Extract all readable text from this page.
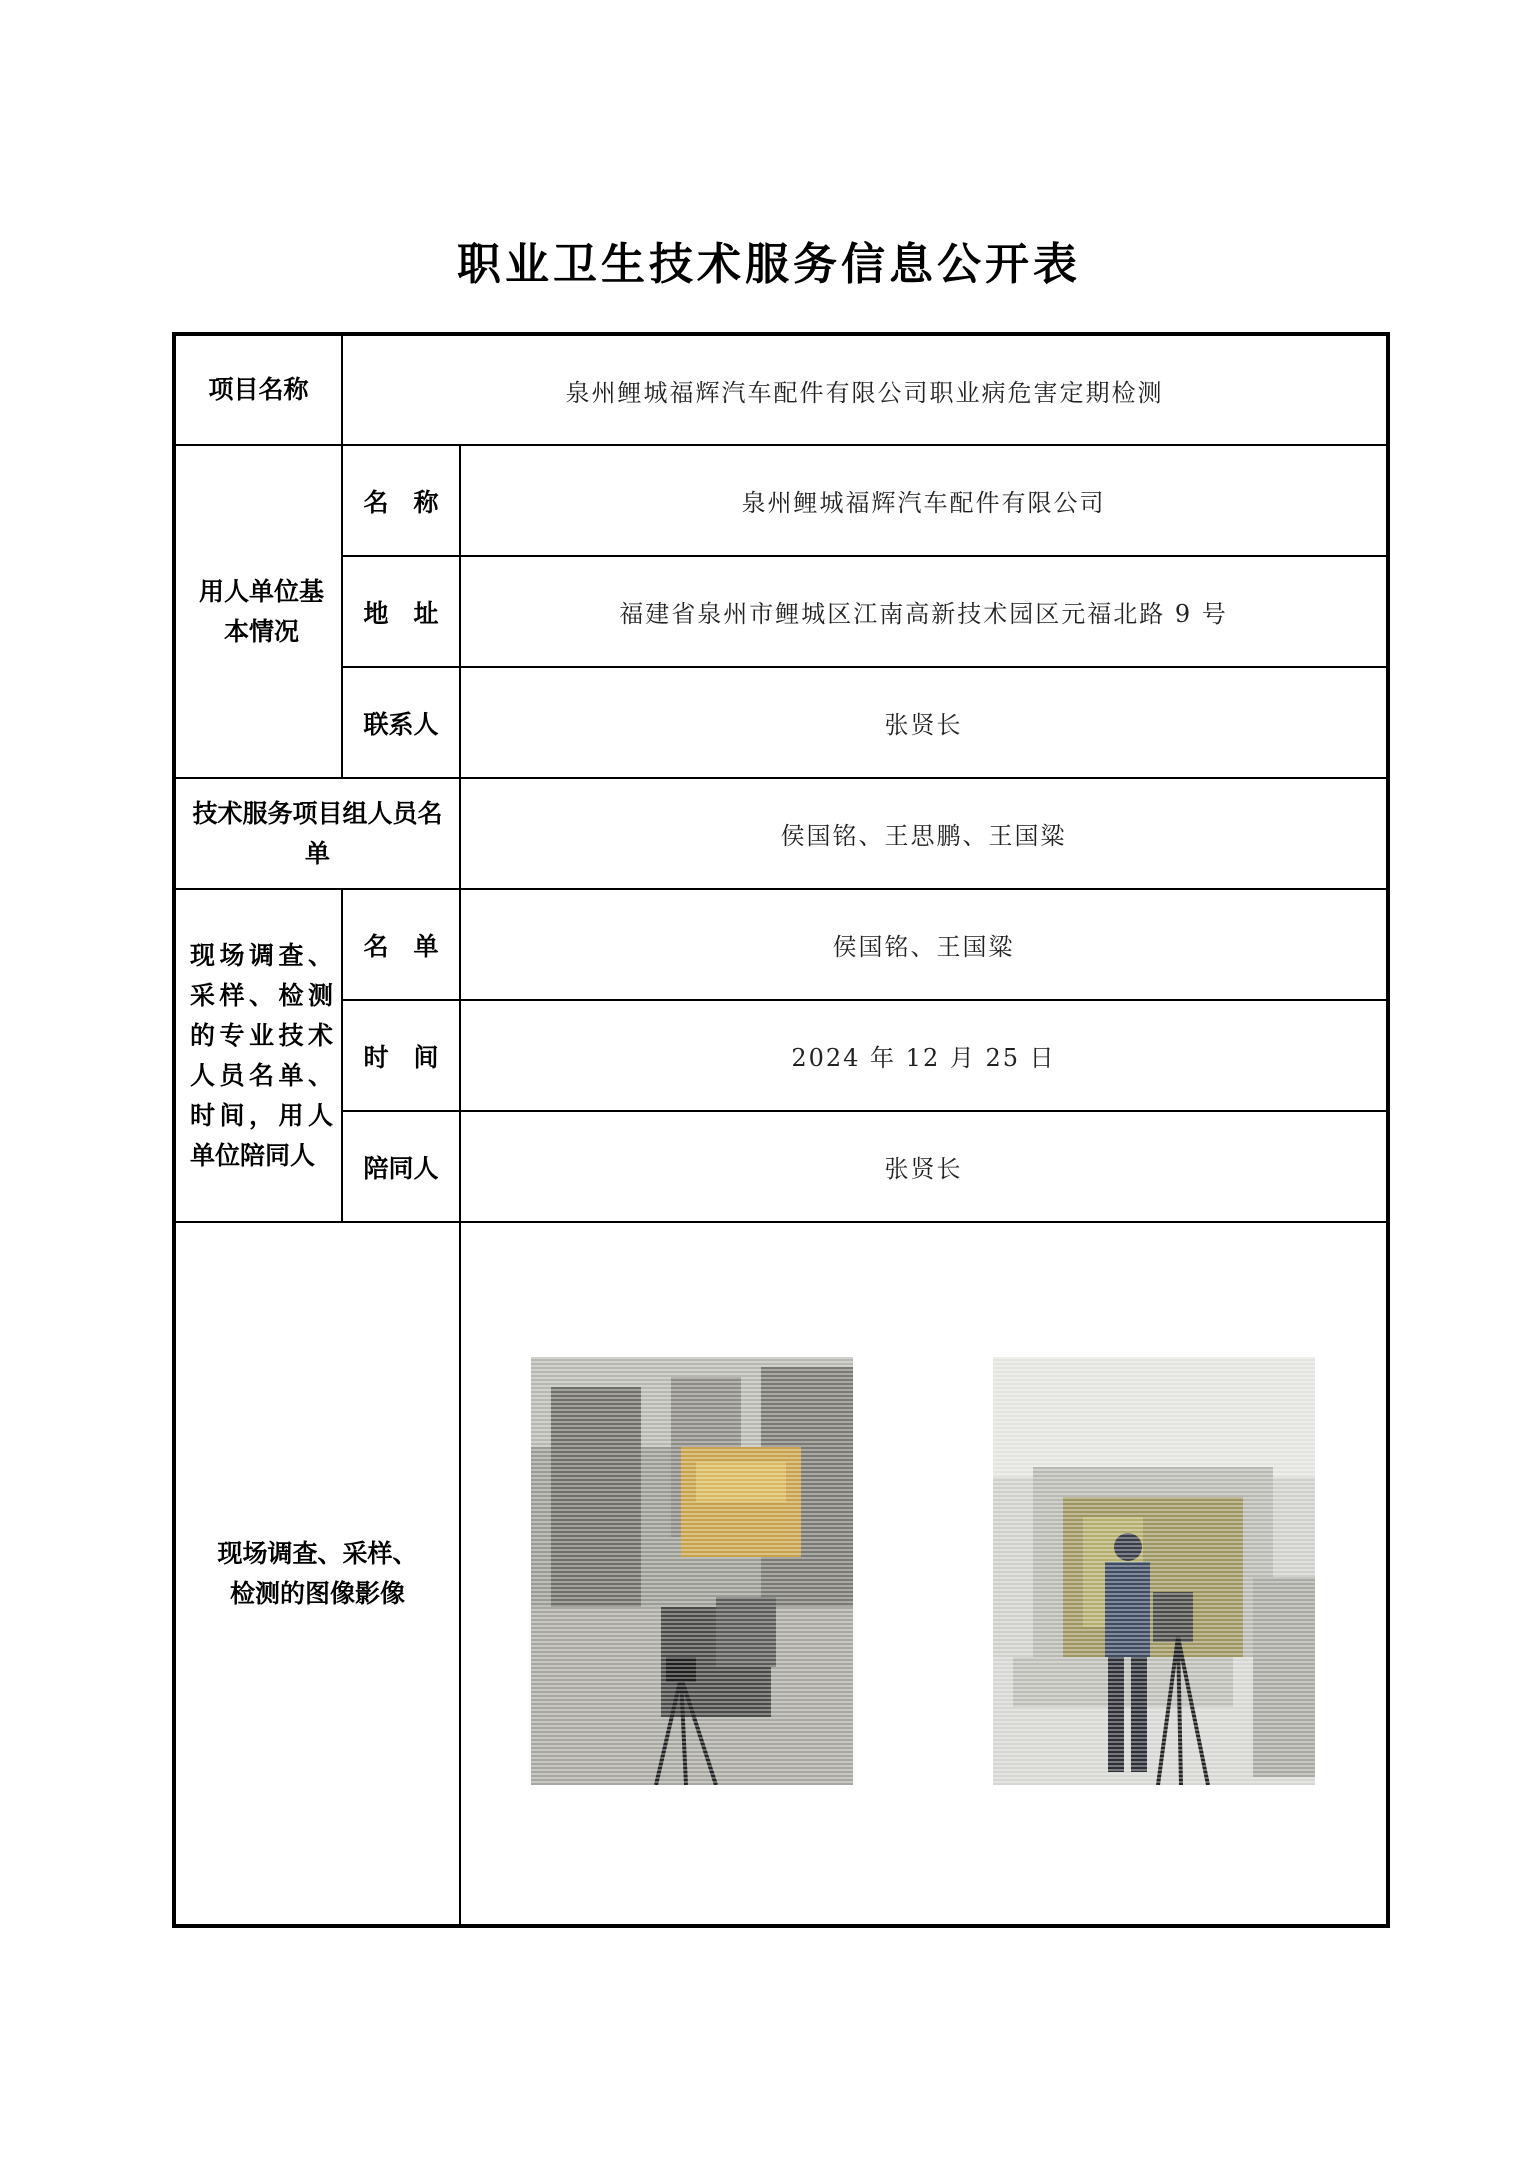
职业卫生技术服务信息公开表
项目名称	泉州鲤城福辉汽车配件有限公司职业病危害定期检测	
用人单位基本情况	名　称	泉州鲤城福辉汽车配件有限公司
	地　址	福建省泉州市鲤城区江南高新技术园区元福北路 9 号
	联系人	张贤长
技术服务项目组人员名单		侯国铭、王思鹏、王国粱
现场调查、采样、检测的专业技术人员名单、时间，用人单位陪同人	名　单	侯国铭、王国粱
	时　间	2024 年 12 月 25 日
	陪同人	张贤长
现场调查、采样、检测的图像影像	
